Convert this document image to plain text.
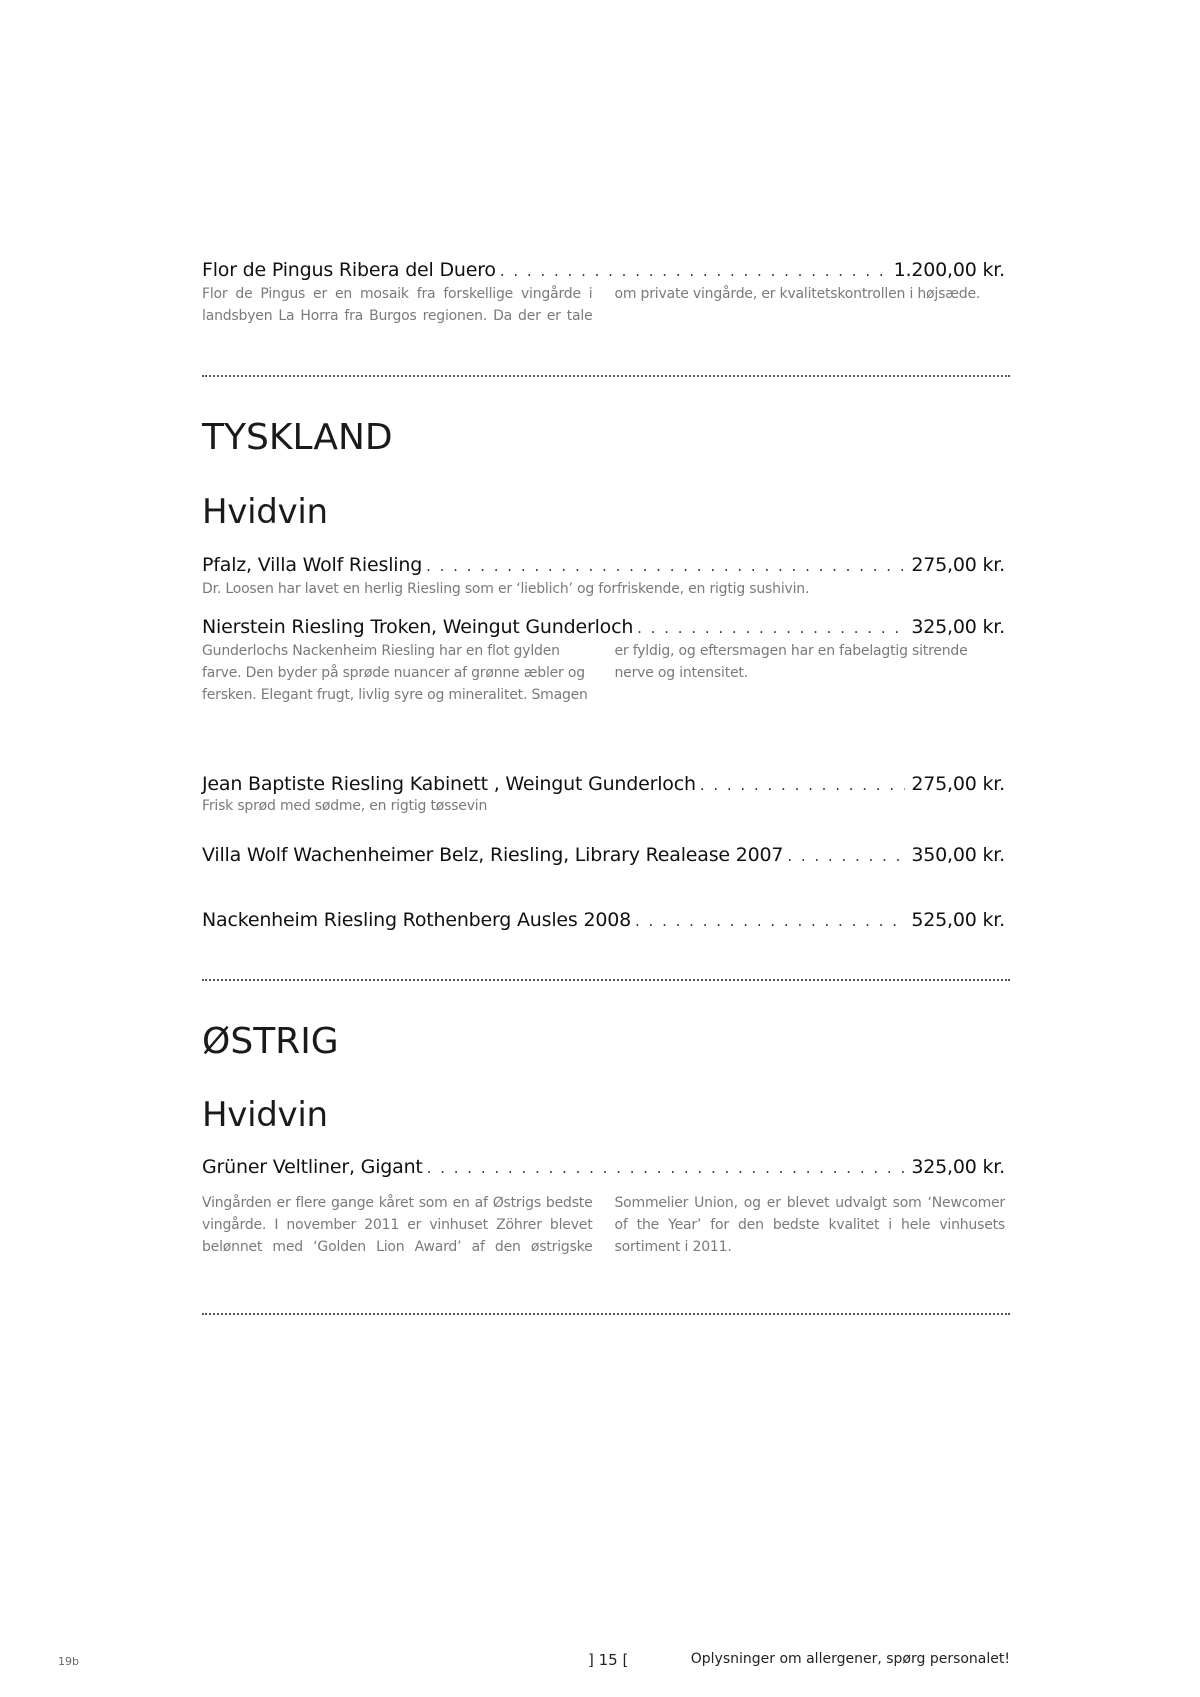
Flor de Pingus Ribera del Duero . . .	1.200,00 kr.
Flor de Pingus er en mosaik fra forskellige vingårde i landsbyen La Horra fra Burgos regionen. Da der er tale om private vingårde, er kvalitetskontrollen i højsæde.
TYSKLAND
Hvidvin
Pfalz, Villa Wolf Riesling . . .	275,00 kr.
Dr. Loosen har lavet en herlig Riesling som er ‘lieblich’ og forfriskende, en rigtig sushivin.
Nierstein Riesling Troken, Weingut Gunderloch . . .	325,00 kr.
Gunderlochs Nackenheim Riesling har en flot gylden farve. Den byder på sprøde nuancer af grønne æbler og fersken. Elegant frugt, livlig syre og mineralitet. Smagen er fyldig, og eftersmagen har en fabelagtig sitrende nerve og intensitet.
Jean Baptiste Riesling Kabinett , Weingut Gunderloch . . .	275,00 kr.
Frisk sprød med sødme, en rigtig tøssevin
Villa Wolf Wachenheimer Belz, Riesling, Library Realease 2007 . . .	350,00 kr.
Nackenheim Riesling Rothenberg Ausles 2008 . . .	525,00 kr.
ØSTRIG
Hvidvin
Grüner Veltliner, Gigant . . .	325,00 kr.
Vingården er flere gange kåret som en af Østrigs bedste vingårde. I november 2011 er vinhuset Zöhrer blevet belønnet med ‘Golden Lion Award’ af den østrigske Sommelier Union, og er blevet udvalgt som ‘Newcomer of the Year’ for den bedste kvalitet i hele vinhusets sortiment i 2011.
19b	] 15 [	Oplysninger om allergener, spørg personalet!
